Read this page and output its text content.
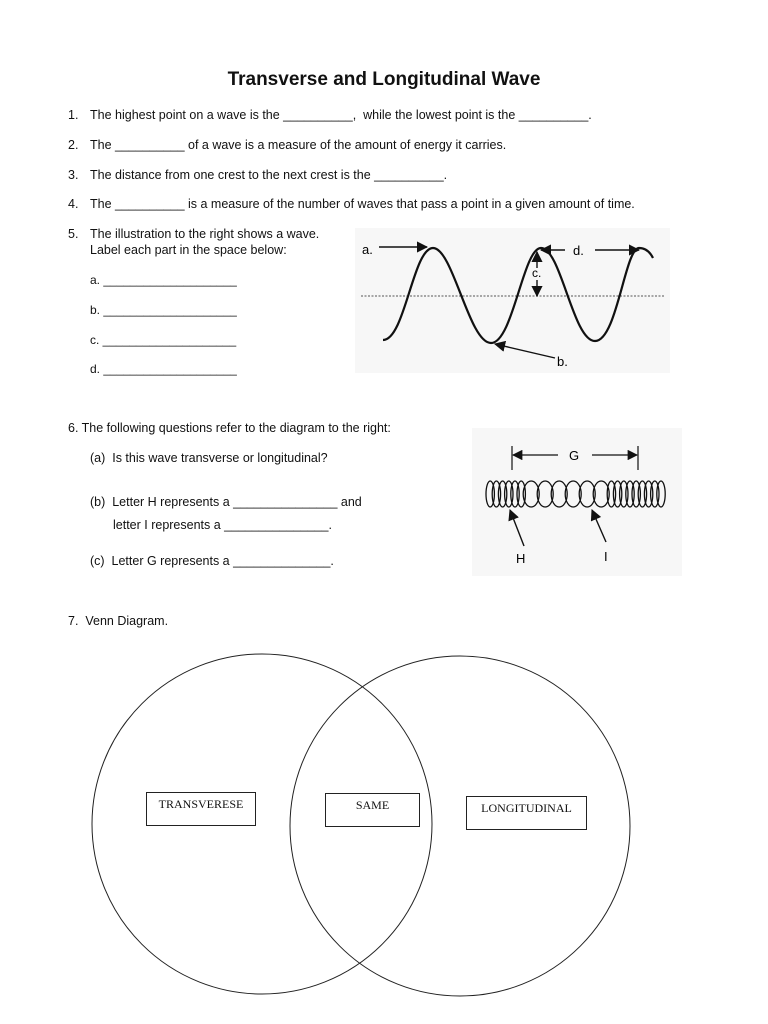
Transverse and Longitudinal Wave
1. The highest point on a wave is the __________,  while the lowest point is the __________.
2. The __________ of a wave is a measure of the amount of energy it carries.
3. The distance from one crest to the next crest is the __________.
4. The __________ is a measure of the number of waves that pass a point in a given amount of time.
5. The illustration to the right shows a wave.
Label each part in the space below:
a. ____________________
b. ____________________
c. ____________________
d. ____________________
a.	d.
c.
b.
6. The following questions refer to the diagram to the right:
(a)  Is this wave transverse or longitudinal?
(b)  Letter H represents a _______________ and
letter I represents a _______________.
(c)  Letter G represents a ______________.
G
H	I
7.  Venn Diagram.
TRANSVERESE	SAME	LONGITUDINAL
